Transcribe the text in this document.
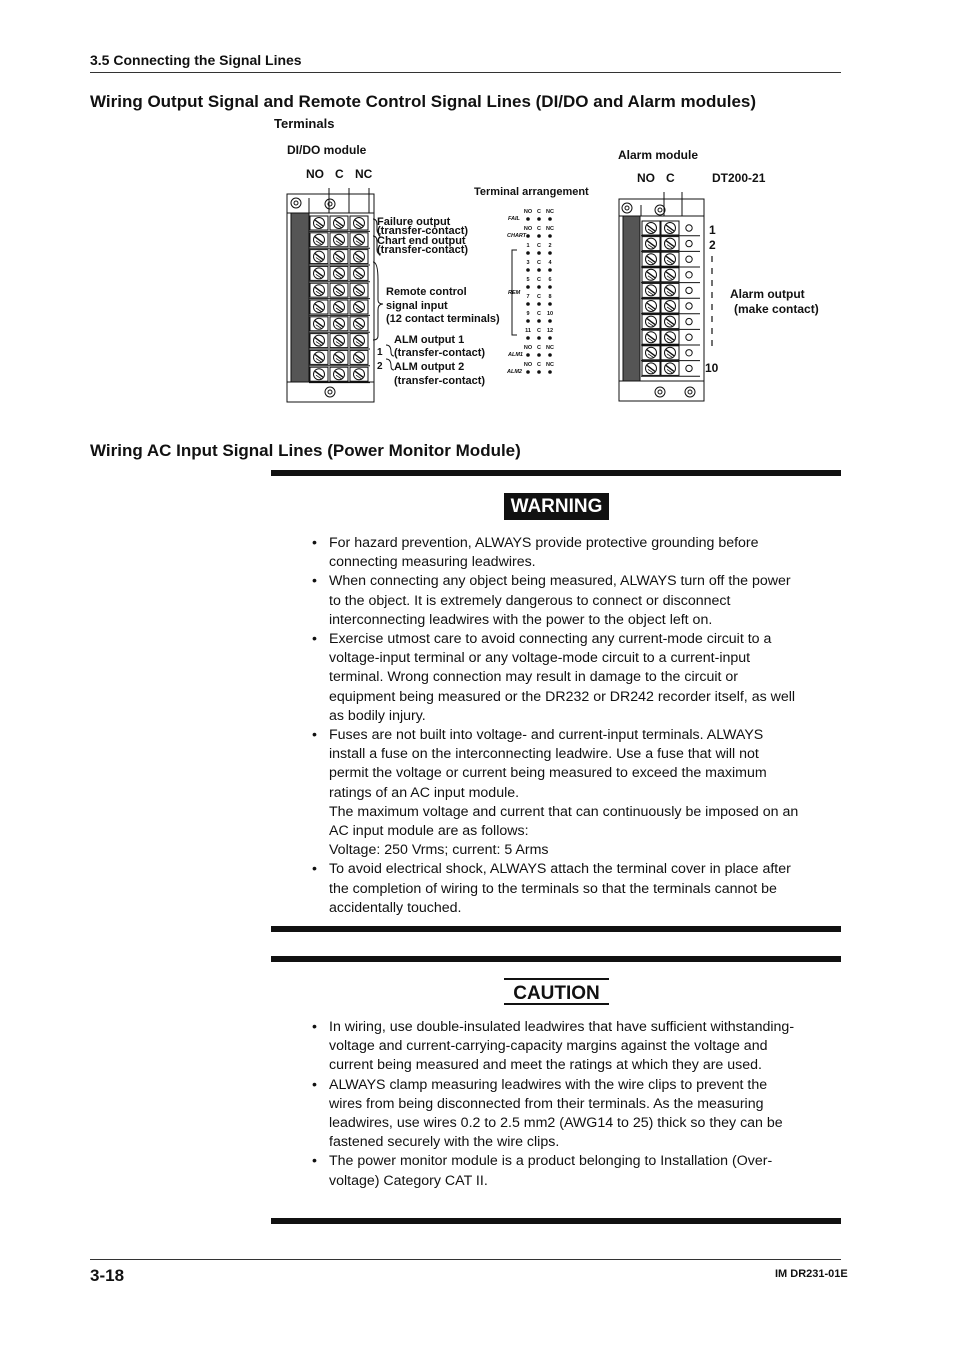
3.5 Connecting the Signal Lines
Wiring Output Signal and Remote Control Signal Lines (DI/DO and Alarm modules)
Terminals
DI/DO module
NO C NC
Terminal arrangement
Failure output
(transfer-contact)
Chart end output
(transfer-contact)
Remote control
signal input
(12 contact terminals)
ALM output 1
(transfer-contact)
ALM output 2
(transfer-contact)
1
2
Alarm module
NO C	DT200-21
1
2
10
Alarm output
(make contact)
FAIL
CHART
REM
ALM1
ALM2
NO C NC
NO C NC
1 C 2
3 C 4
5 C 6
7 C 8
9 C 10
11 C 12
NO C NC
NO C NC
Wiring AC Input Signal Lines (Power Monitor Module)
WARNING
• For hazard prevention, ALWAYS provide protective grounding before connecting measuring leadwires.
• When connecting any object being measured, ALWAYS turn off the power to the object. It is extremely dangerous to connect or disconnect interconnecting leadwires with the power to the object left on.
• Exercise utmost care to avoid connecting any current-mode circuit to a voltage-input terminal or any voltage-mode circuit to a current-input terminal. Wrong connection may result in damage to the circuit or equipment being measured or the DR232 or DR242 recorder itself, as well as bodily injury.
• Fuses are not built into voltage- and current-input terminals. ALWAYS install a fuse on the interconnecting leadwire. Use a fuse that will not permit the voltage or current being measured to exceed the maximum ratings of an AC input module.
The maximum voltage and current that can continuously be imposed on an AC input module are as follows:
Voltage: 250 Vrms; current: 5 Arms
• To avoid electrical shock, ALWAYS attach the terminal cover in place after the completion of wiring to the terminals so that the terminals cannot be accidentally touched.
CAUTION
• In wiring, use double-insulated leadwires that have sufficient withstanding-voltage and current-carrying-capacity margins against the voltage and current being measured and meet the ratings at which they are used.
• ALWAYS clamp measuring leadwires with the wire clips to prevent the wires from being disconnected from their terminals. As the measuring leadwires, use wires 0.2 to 2.5 mm2 (AWG14 to 25) thick so they can be fastened securely with the wire clips.
• The power monitor module is a product belonging to Installation (Over-voltage) Category CAT II.
3-18	IM DR231-01E
